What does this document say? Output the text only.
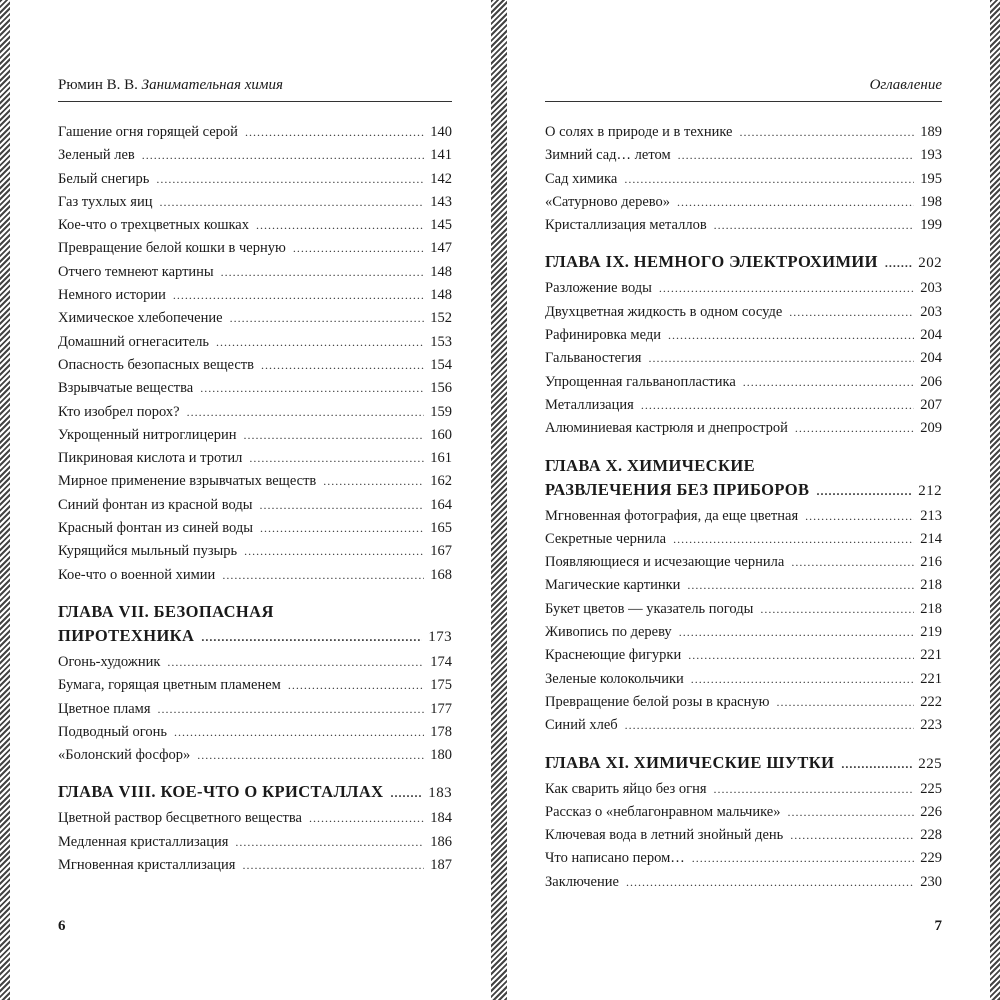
Рюмин В. В. Занимательная химия
Гашение огня горящей серой .....	140
Зеленый лев .....	141
Белый снегирь .....	142
Газ тухлых яиц .....	143
Кое-что о трехцветных кошках .....	145
Превращение белой кошки в черную .....	147
Отчего темнеют картины .....	148
Немного истории .....	148
Химическое хлебопечение .....	152
Домашний огнегаситель .....	153
Опасность безопасных веществ .....	154
Взрывчатые вещества .....	156
Кто изобрел порох? .....	159
Укрощенный нитроглицерин .....	160
Пикриновая кислота и тротил .....	161
Мирное применение взрывчатых веществ .....	162
Синий фонтан из красной воды .....	164
Красный фонтан из синей воды .....	165
Курящийся мыльный пузырь .....	167
Кое-что о военной химии .....	168
ГЛАВА VII. БЕЗОПАСНАЯ
ПИРОТЕХНИКА .....	173
Огонь-художник .....	174
Бумага, горящая цветным пламенем .....	175
Цветное пламя .....	177
Подводный огонь .....	178
«Болонский фосфор» .....	180
ГЛАВА VIII. КОЕ-ЧТО О КРИСТАЛЛАХ .....	183
Цветной раствор бесцветного вещества .....	184
Медленная кристаллизация .....	186
Мгновенная кристаллизация .....	187
6
Оглавление
О солях в природе и в технике .....	189
Зимний сад… летом .....	193
Сад химика .....	195
«Сатурново дерево» .....	198
Кристаллизация металлов .....	199
ГЛАВА IX. НЕМНОГО ЭЛЕКТРОХИМИИ .....	202
Разложение воды .....	203
Двухцветная жидкость в одном сосуде .....	203
Рафинировка меди .....	204
Гальваностегия .....	204
Упрощенная гальванопластика .....	206
Металлизация .....	207
Алюминиевая кастрюля и днепрострой .....	209
ГЛАВА X. ХИМИЧЕСКИЕ
РАЗВЛЕЧЕНИЯ БЕЗ ПРИБОРОВ .....	212
Мгновенная фотография, да еще цветная .....	213
Секретные чернила .....	214
Появляющиеся и исчезающие чернила .....	216
Магические картинки .....	218
Букет цветов — указатель погоды .....	218
Живопись по дереву .....	219
Краснеющие фигурки .....	221
Зеленые колокольчики .....	221
Превращение белой розы в красную .....	222
Синий хлеб .....	223
ГЛАВА XI. ХИМИЧЕСКИЕ ШУТКИ .....	225
Как сварить яйцо без огня .....	225
Рассказ о «неблагонравном мальчике» .....	226
Ключевая вода в летний знойный день .....	228
Что написано пером… .....	229
Заключение .....	230
7
